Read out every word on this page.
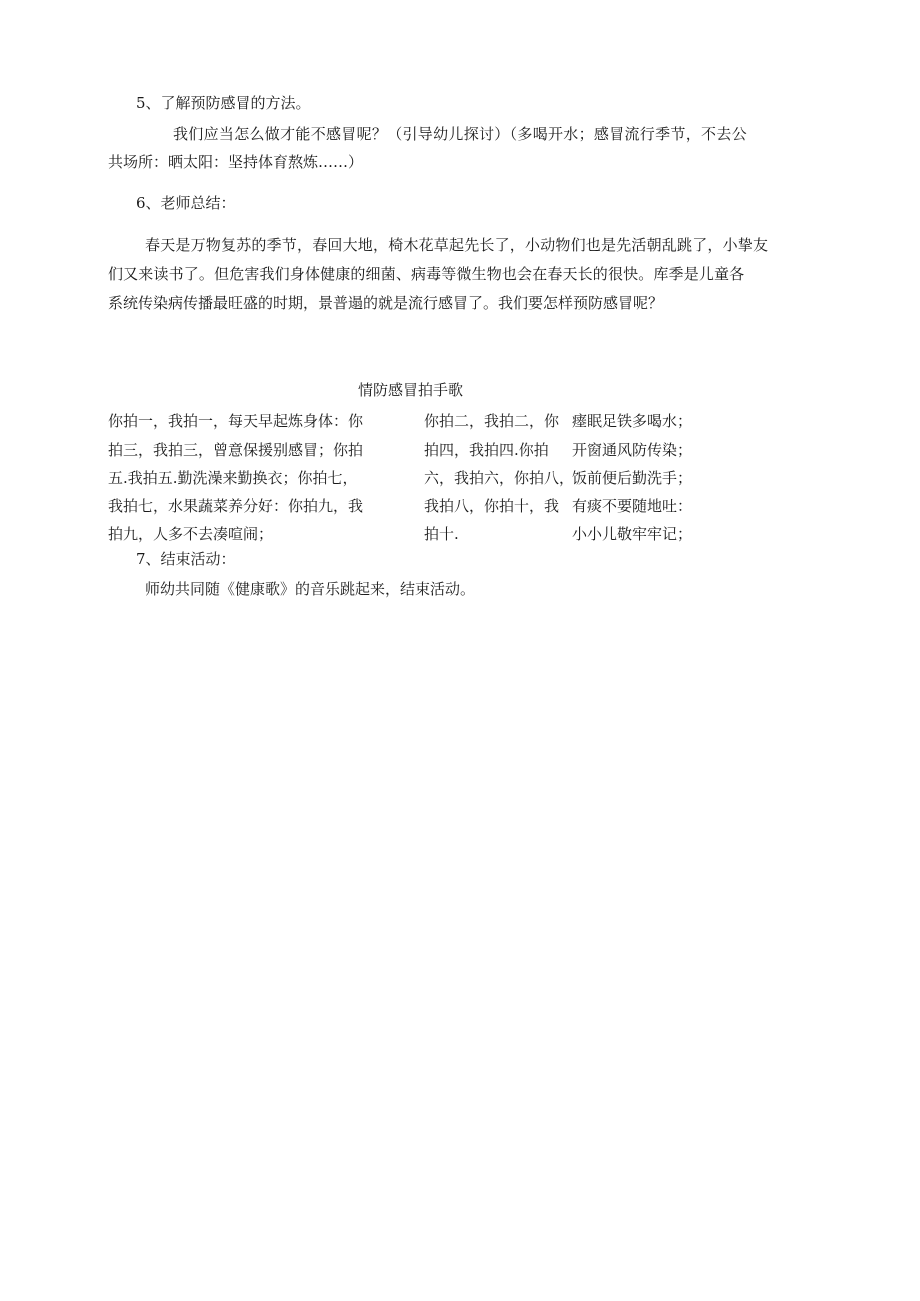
5、了解预防感冒的方法。
我们应当怎么做才能不感冒呢？（引导幼儿探讨）（多喝开水；感冒流行季节，不去公
共场所：晒太阳：坚持体育熬炼……）
6、老师总结：
春天是万物复苏的季节，春回大地，椅木花草起先长了，小动物们也是先活朝乱跳了，小挚友
们又来读书了。但危害我们身体健康的细菌、病毒等微生物也会在春天长的很快。库季是儿童各
系统传染病传播最旺盛的时期，景普遢的就是流行感冒了。我们要怎样预防感冒呢？
情防感冒拍手歌
你拍一，我拍一，每天早起炼身体：你
拍三，我拍三，曾意保援别感冒；你拍
五.我拍五.勤洗澡来勤换衣；你拍七，
我拍七，水果蔬菜养分好：你拍九，我
拍九，人多不去凑喧闹；
你拍二，我拍二，你
拍四，我拍四.你拍
六，我拍六，你拍八，
我拍八，你拍十，我
拍十.
瘗眠足铁多喝水；
开窗通风防传染；
饭前便后勤洗手；
有痰不要随地吐：
小小儿敬牢牢记；
7、结束活动：
师幼共同随《健康歌》的音乐跳起来，结束活动。
